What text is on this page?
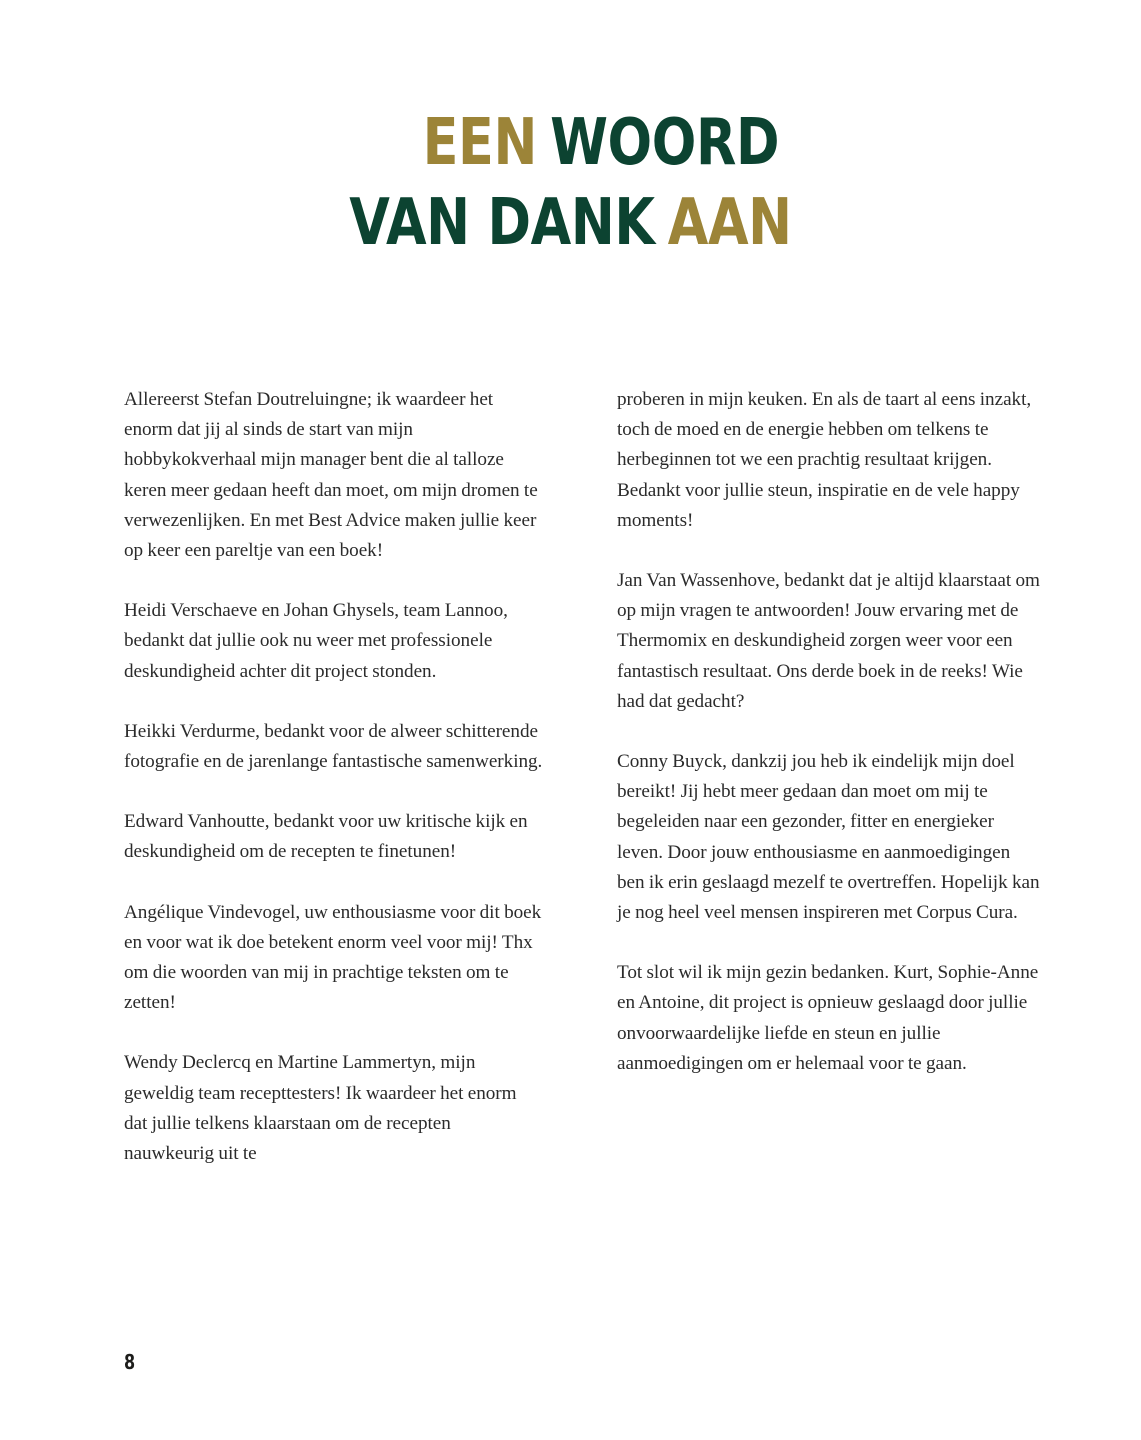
EEN WOORD
VAN DANK AAN

Allereerst Stefan Doutreluingne; ik waardeer het enorm dat jij al sinds de start van mijn hobbykokverhaal mijn manager bent die al talloze keren meer gedaan heeft dan moet, om mijn dromen te verwezenlijken. En met Best Advice maken jullie keer op keer een pareltje van een boek!

Heidi Verschaeve en Johan Ghysels, team Lannoo, bedankt dat jullie ook nu weer met professionele deskundigheid achter dit project stonden.

Heikki Verdurme, bedankt voor de alweer schitterende fotografie en de jarenlange fantastische samenwerking.

Edward Vanhoutte, bedankt voor uw kritische kijk en deskundigheid om de recepten te finetunen!

Angélique Vindevogel, uw enthousiasme voor dit boek en voor wat ik doe betekent enorm veel voor mij! Thx om die woorden van mij in prachtige teksten om te zetten!

Wendy Declercq en Martine Lammertyn, mijn geweldig team recepttesters! Ik waardeer het enorm dat jullie telkens klaarstaan om de recepten nauwkeurig uit te

proberen in mijn keuken. En als de taart al eens inzakt, toch de moed en de energie hebben om telkens te herbeginnen tot we een prachtig resultaat krijgen. Bedankt voor jullie steun, inspiratie en de vele happy moments!

Jan Van Wassenhove, bedankt dat je altijd klaarstaat om op mijn vragen te antwoorden! Jouw ervaring met de Thermomix en deskundigheid zorgen weer voor een fantastisch resultaat. Ons derde boek in de reeks! Wie had dat gedacht?

Conny Buyck, dankzij jou heb ik eindelijk mijn doel bereikt! Jij hebt meer gedaan dan moet om mij te begeleiden naar een gezonder, fitter en energieker leven. Door jouw enthousiasme en aanmoedigingen ben ik erin geslaagd mezelf te overtreffen. Hopelijk kan je nog heel veel mensen inspireren met Corpus Cura.

Tot slot wil ik mijn gezin bedanken. Kurt, Sophie-Anne en Antoine, dit project is opnieuw geslaagd door jullie onvoorwaardelijke liefde en steun en jullie aanmoedigingen om er helemaal voor te gaan.

8
